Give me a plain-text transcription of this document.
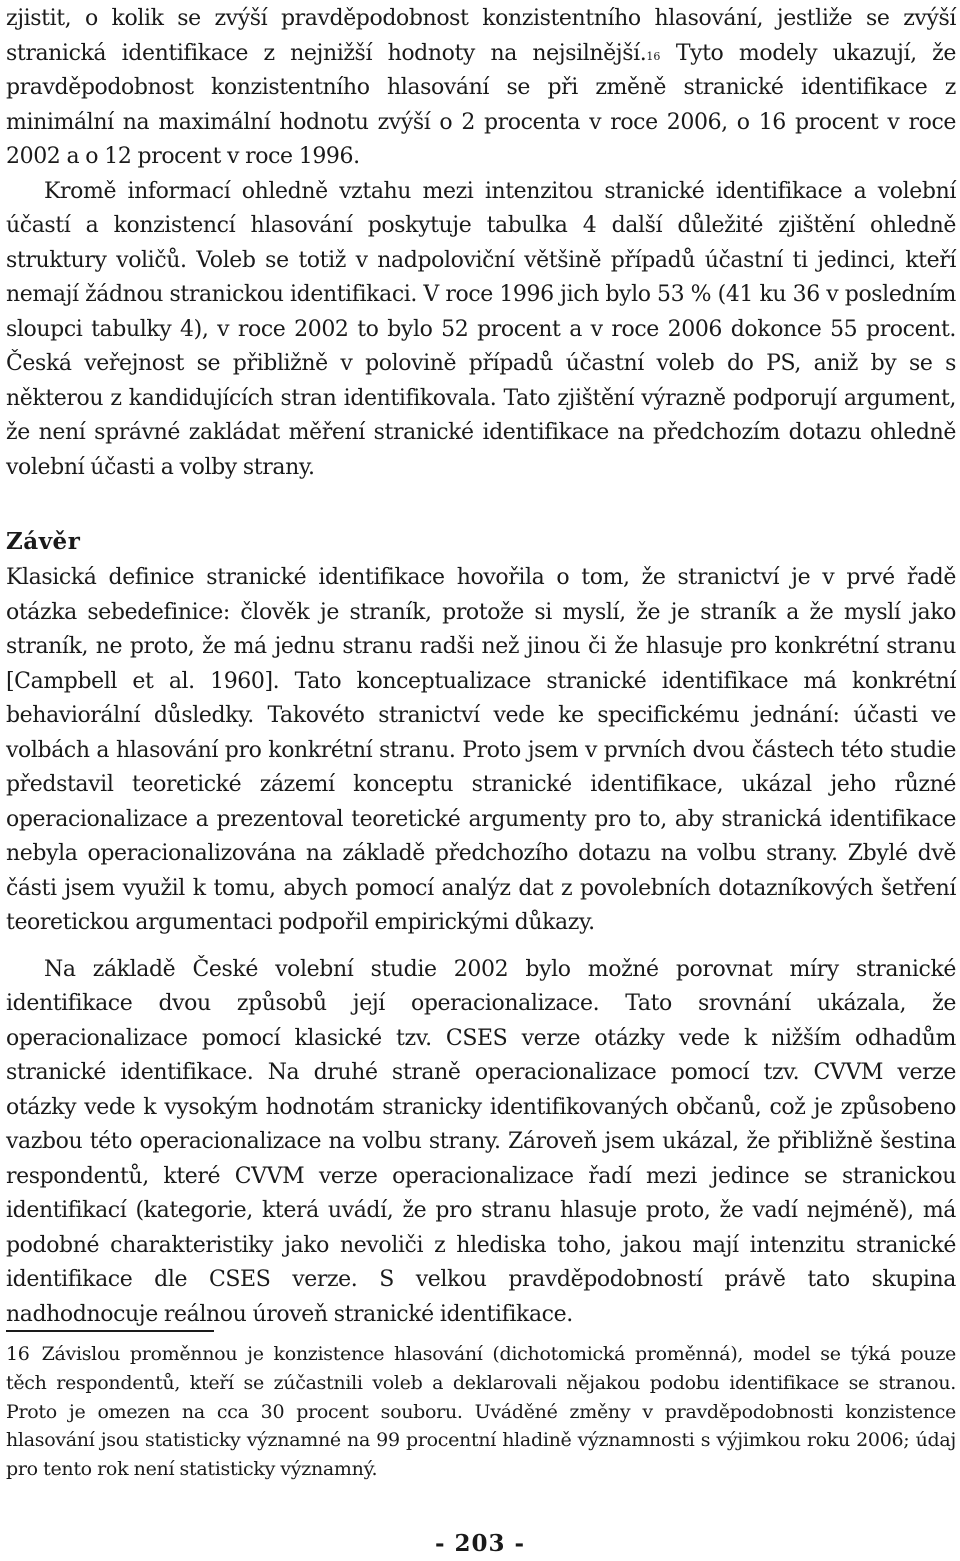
zjistit, o kolik se zvýší pravděpodobnost konzistentního hlasování, jestliže se zvýší stranická identifikace z nejnižší hodnoty na nejsilnější.$^{16}$ Tyto modely ukazují, že pravděpodobnost konzistentního hlasování se při změně stranické identifikace z minimální na maximální hodnotu zvýší o 2 procenta v roce 2006, o 16 procent v roce 2002 a o 12 procent v roce 1996.

Kromě informací ohledně vztahu mezi intenzitou stranické identifikace a volební účastí a konzistencí hlasování poskytuje tabulka 4 další důležité zjištění ohledně struktury voličů. Voleb se totiž v nadpoloviční většině případů účastní ti jedinci, kteří nemají žádnou stranickou identifikaci. V roce 1996 jich bylo 53 % (41 ku 36 v posledním sloupci tabulky 4), v roce 2002 to bylo 52 procent a v roce 2006 dokonce 55 procent. Česká veřejnost se přibližně v polovině případů účastní voleb do PS, aniž by se s některou z kandidujících stran identifikovala. Tato zjištění výrazně podporují argument, že není správné zakládat měření stranické identifikace na předchozím dotazu ohledně volební účasti a volby strany.

Závěr

Klasická definice stranické identifikace hovořila o tom, že stranictví je v prvé řadě otázka sebedefinice: člověk je straník, protože si myslí, že je straník a že myslí jako straník, ne proto, že má jednu stranu radši než jinou či že hlasuje pro konkrétní stranu [Campbell et al. 1960]. Tato konceptualizace stranické identifikace má konkrétní behaviorální důsledky. Takovéto stranictví vede ke specifickému jednání: účasti ve volbách a hlasování pro konkrétní stranu. Proto jsem v prvních dvou částech této studie představil teoretické zázemí konceptu stranické identifikace, ukázal jeho různé operacionalizace a prezentoval teoretické argumenty pro to, aby stranická identifikace nebyla operacionalizována na základě předchozího dotazu na volbu strany. Zbylé dvě části jsem využil k tomu, abych pomocí analýz dat z povolebních dotazníkových šetření teoretickou argumentaci podpořil empirickými důkazy.

Na základě České volební studie 2002 bylo možné porovnat míry stranické identifikace dvou způsobů její operacionalizace. Tato srovnání ukázala, že operacionalizace pomocí klasické tzv. CSES verze otázky vede k nižším odhadům stranické identifikace. Na druhé straně operacionalizace pomocí tzv. CVVM verze otázky vede k vysokým hodnotám stranicky identifikovaných občanů, což je způsobeno vazbou této operacionalizace na volbu strany. Zároveň jsem ukázal, že přibližně šestina respondentů, které CVVM verze operacionalizace řadí mezi jedince se stranickou identifikací (kategorie, která uvádí, že pro stranu hlasuje proto, že vadí nejméně), má podobné charakteristiky jako nevoliči z hlediska toho, jakou mají intenzitu stranické identifikace dle CSES verze. S velkou pravděpodobností právě tato skupina nadhodnocuje reálnou úroveň stranické identifikace.

16 Závislou proměnnou je konzistence hlasování (dichotomická proměnná), model se týká pouze těch respondentů, kteří se zúčastnili voleb a deklarovali nějakou podobu identifikace se stranou. Proto je omezen na cca 30 procent souboru. Uváděné změny v pravděpodobnosti konzistence hlasování jsou statisticky významné na 99 procentní hladině významnosti s výjimkou roku 2006; údaj pro tento rok není statisticky významný.

- 203 -
